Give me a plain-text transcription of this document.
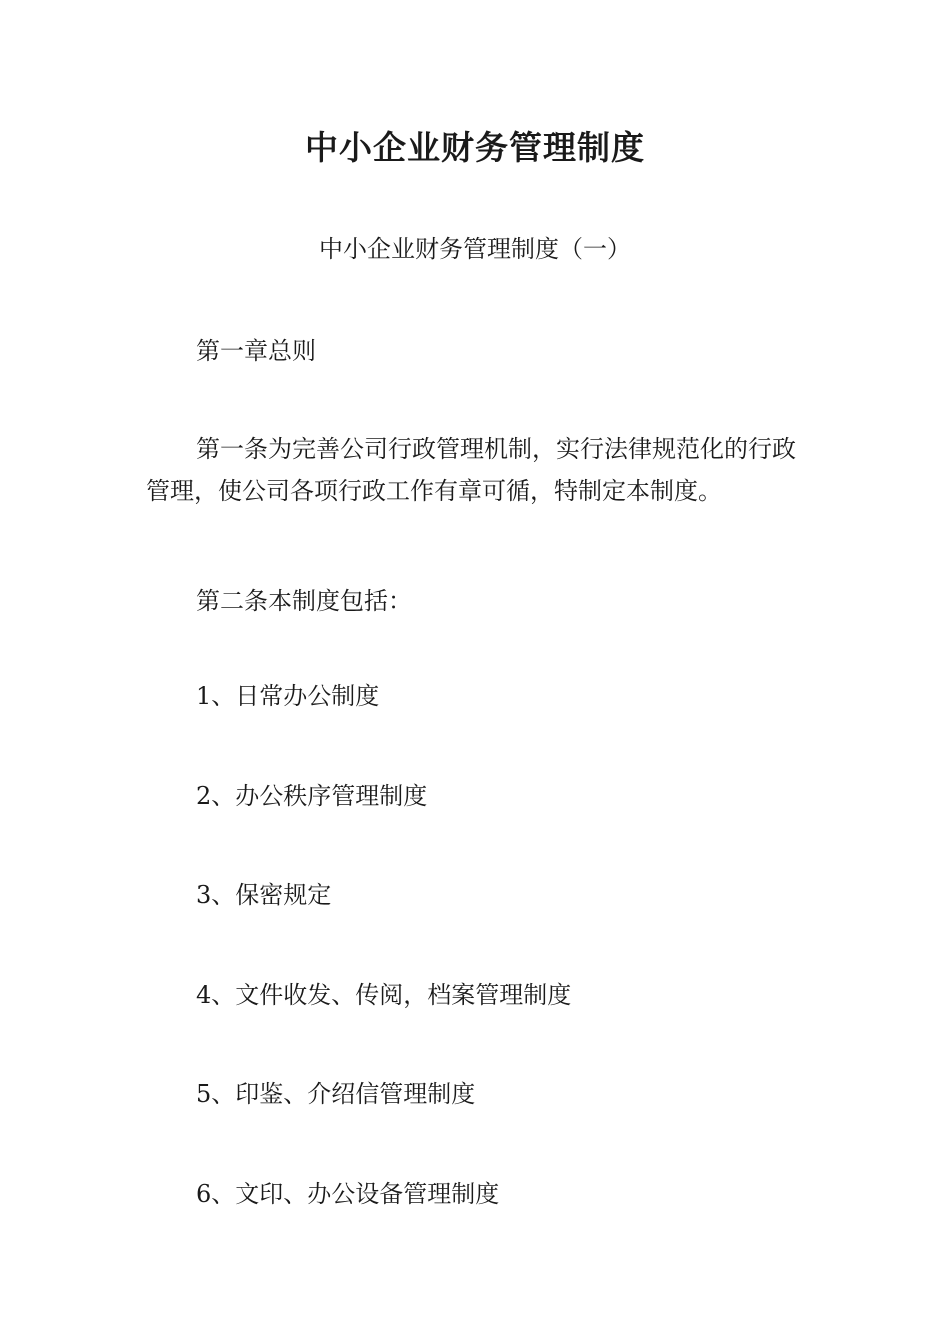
中小企业财务管理制度

中小企业财务管理制度（一）

第一章总则

第一条为完善公司行政管理机制，实行法律规范化的行政管理，使公司各项行政工作有章可循，特制定本制度。

第二条本制度包括：

1、日常办公制度

2、办公秩序管理制度

3、保密规定

4、文件收发、传阅，档案管理制度

5、印鉴、介绍信管理制度

6、文印、办公设备管理制度
